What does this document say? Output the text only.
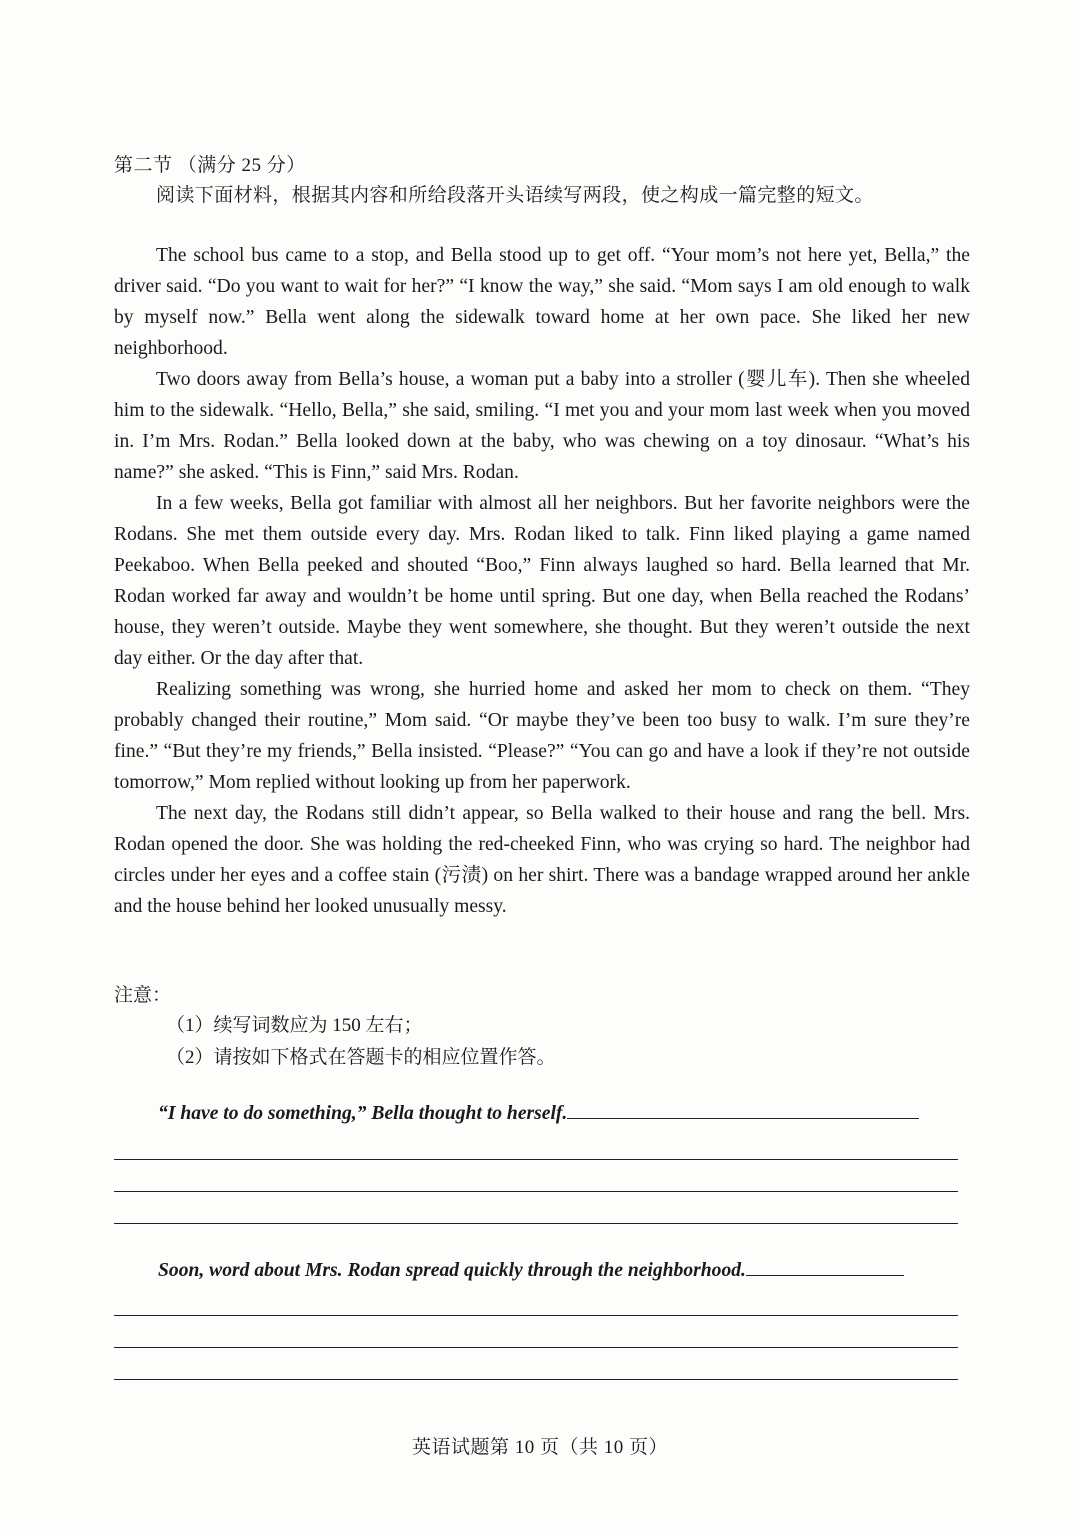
第二节 （满分 25 分）
阅读下面材料，根据其内容和所给段落开头语续写两段，使之构成一篇完整的短文。

The school bus came to a stop, and Bella stood up to get off. “Your mom’s not here yet, Bella,” the driver said. “Do you want to wait for her?” “I know the way,” she said. “Mom says I am old enough to walk by myself now.” Bella went along the sidewalk toward home at her own pace. She liked her new neighborhood.

Two doors away from Bella’s house, a woman put a baby into a stroller (婴儿车). Then she wheeled him to the sidewalk. “Hello, Bella,” she said, smiling. “I met you and your mom last week when you moved in. I’m Mrs. Rodan.” Bella looked down at the baby, who was chewing on a toy dinosaur. “What’s his name?” she asked. “This is Finn,” said Mrs. Rodan.

In a few weeks, Bella got familiar with almost all her neighbors. But her favorite neighbors were the Rodans. She met them outside every day. Mrs. Rodan liked to talk. Finn liked playing a game named Peekaboo. When Bella peeked and shouted “Boo,” Finn always laughed so hard. Bella learned that Mr. Rodan worked far away and wouldn’t be home until spring. But one day, when Bella reached the Rodans’ house, they weren’t outside. Maybe they went somewhere, she thought. But they weren’t outside the next day either. Or the day after that.

Realizing something was wrong, she hurried home and asked her mom to check on them. “They probably changed their routine,” Mom said. “Or maybe they’ve been too busy to walk. I’m sure they’re fine.” “But they’re my friends,” Bella insisted. “Please?” “You can go and have a look if they’re not outside tomorrow,” Mom replied without looking up from her paperwork.

The next day, the Rodans still didn’t appear, so Bella walked to their house and rang the bell. Mrs. Rodan opened the door. She was holding the red-cheeked Finn, who was crying so hard. The neighbor had circles under her eyes and a coffee stain (污渍) on her shirt. There was a bandage wrapped around her ankle and the house behind her looked unusually messy.

注意：
（1）续写词数应为 150 左右；
（2）请按如下格式在答题卡的相应位置作答。
“I have to do something,” Bella thought to herself.
Soon, word about Mrs. Rodan spread quickly through the neighborhood.
英语试题第 10 页（共 10 页）
